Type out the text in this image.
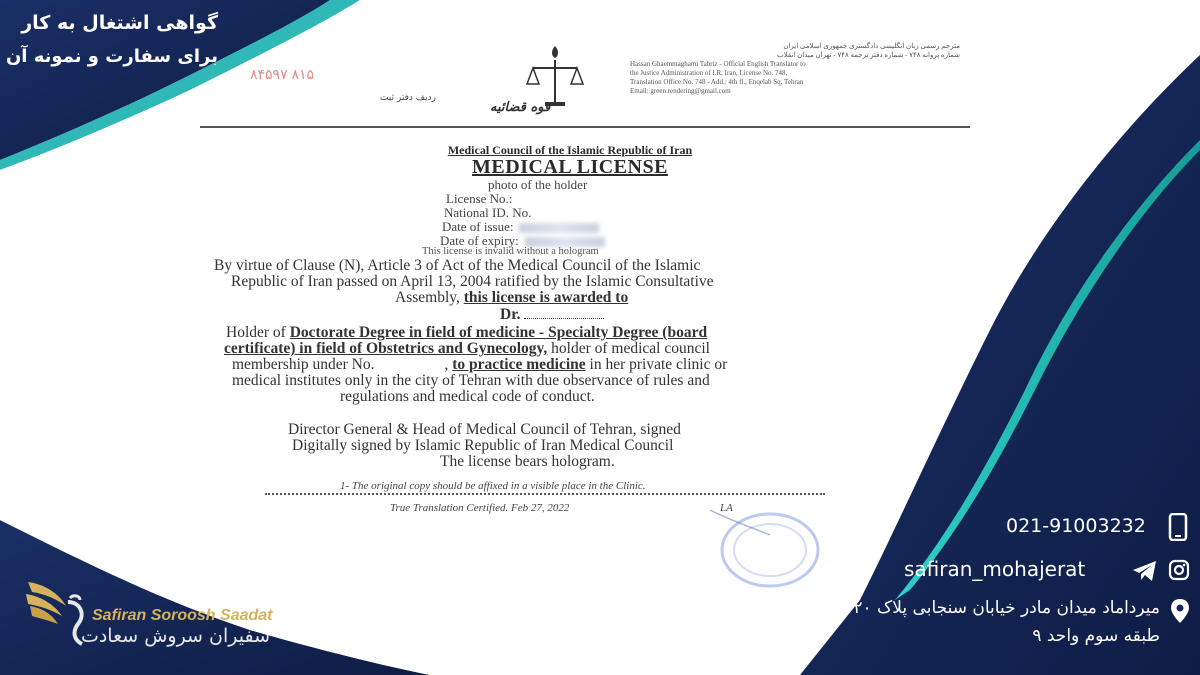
گواهی اشتغال به کار
برای سفارت و نمونه آن
۸۴۵۹۷ ۸۱۵
ردیف دفتر ثبت
قوه قضائیه
مترجم رسمی زبان انگلیسی دادگستری جمهوری اسلامی ایران
شماره پروانه ۷۴۸ - شماره دفتر ترجمه ۷۴۸ - تهران میدان انقلاب
Hassan Ghaemmaghami Tabriz - Official English Translator to
the Justice Administration of I.R. Iran, License No. 748,
Translation Office No. 748 - Add.: 4th fl., Enqelab Sq, Tehran
Email: green.rendering@gmail.com
Medical Council of the Islamic Republic of Iran
MEDICAL LICENSE
photo of the holder
License No.:
National ID. No.
Date of issue:
Date of expiry:
This license is invalid without a hologram
By virtue of Clause (N), Article 3 of Act of the Medical Council of the Islamic
Republic of Iran passed on April 13, 2004 ratified by the Islamic Consultative
Assembly, this license is awarded to
Dr.
Holder of Doctorate Degree in field of medicine - Specialty Degree (board
certificate) in field of Obstetrics and Gynecology, holder of medical council
membership under No.	, to practice medicine in her private clinic or
medical institutes only in the city of Tehran with due observance of rules and
regulations and medical code of conduct.
Director General & Head of Medical Council of Tehran, signed
Digitally signed by Islamic Republic of Iran Medical Council
The license bears hologram.
1- The original copy should be affixed in a visible place in the Clinic.
True Translation Certified. Feb 27, 2022	LA
021-91003232
safiran_mohajerat
میرداماد میدان مادر خیابان سنجابی پلاک ۲۰
طبقه سوم واحد ۹
Safiran Soroosh Saadat
سفیران سروش سعادت
